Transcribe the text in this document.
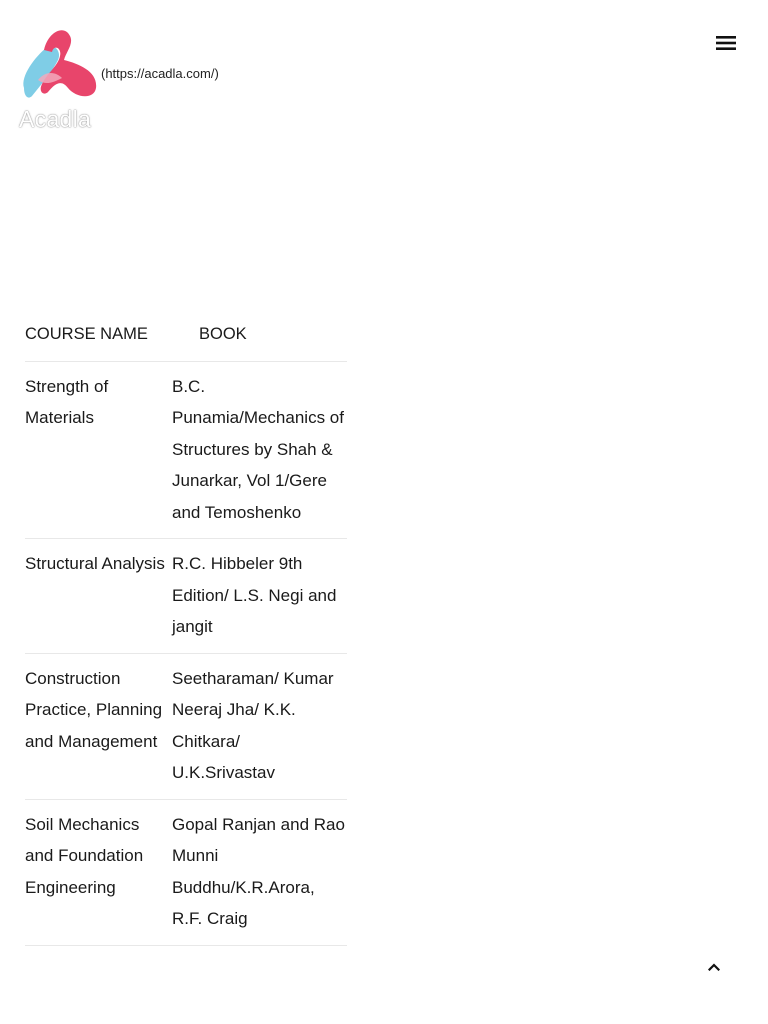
(https://acadla.com/)
Acadla
COURSE NAME	BOOK
Strength of Materials	B.C. Punamia/Mechanics of Structures by Shah & Junarkar, Vol 1/Gere and Temoshenko
Structural Analysis	R.C. Hibbeler 9th Edition/ L.S. Negi and jangit
Construction Practice, Planning and Management	Seetharaman/ Kumar Neeraj Jha/ K.K. Chitkara/ U.K.Srivastav
Soil Mechanics and Foundation Engineering	Gopal Ranjan and Rao Munni Buddhu/K.R.Arora, R.F. Craig
